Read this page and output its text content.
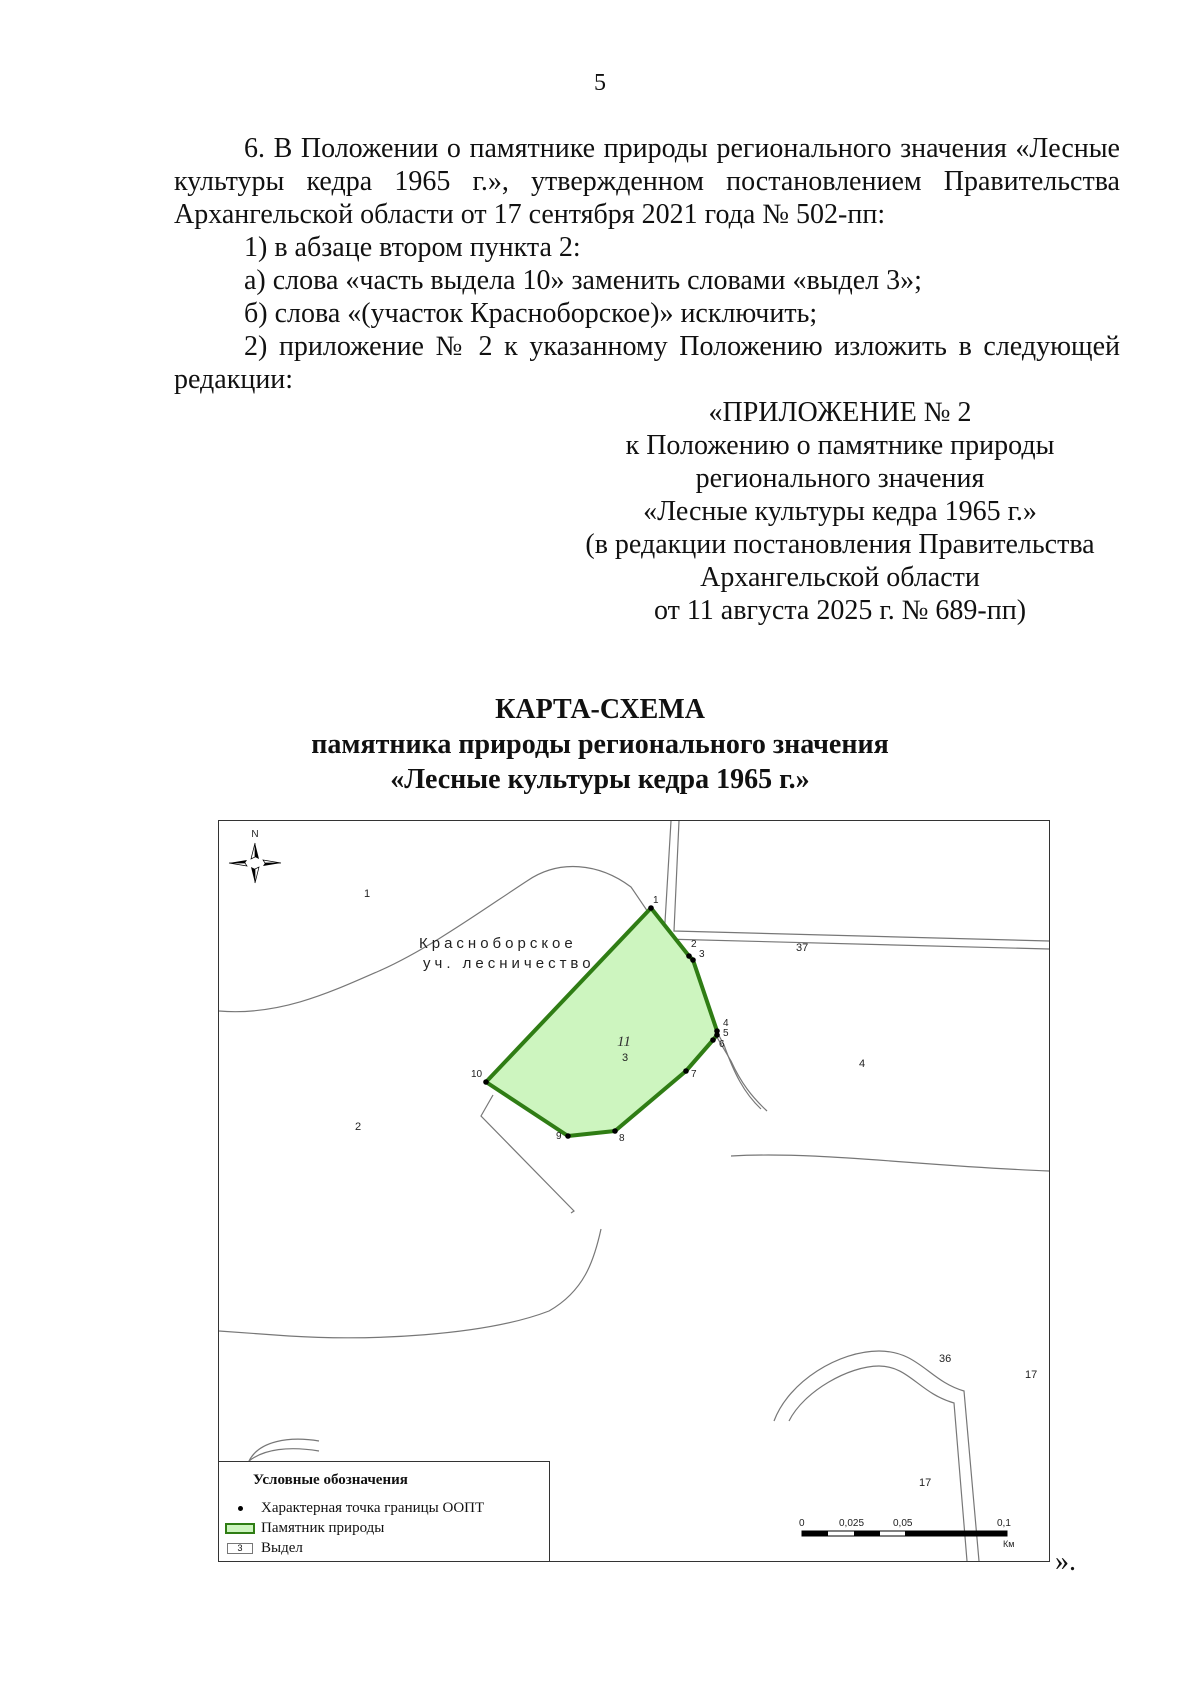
5

6. В Положении о памятнике природы регионального значения «Лесные

культуры кедра 1965 г.», утвержденном постановлением Правительства

Архангельской области от 17 сентября 2021 года № 502-пп:

1) в абзаце втором пункта 2:

а) слова «часть выдела 10» заменить словами «выдел 3»;

б) слова «(участок Красноборское)» исключить;

2) приложение № 2 к указанному Положению изложить в следующей

редакции:

«ПРИЛОЖЕНИЕ № 2
к Положению о памятнике природы
регионального значения
«Лесные культуры кедра 1965 г.»
(в редакции постановления Правительства
Архангельской области
от 11 августа 2025 г. № 689-пп)
КАРТА-СХЕМА
памятника природы регионального значения
«Лесные культуры кедра 1965 г.»
1
2
3
4
5
6
7
8
9
10
1
2
3	4
37
36
17
17
11
Красноборское
уч. лесничество
N
0	0,025	0,05	0,1
Км
Условные обозначения
Характерная точка границы ООПТ
Памятник природы
3	Выдел	».
